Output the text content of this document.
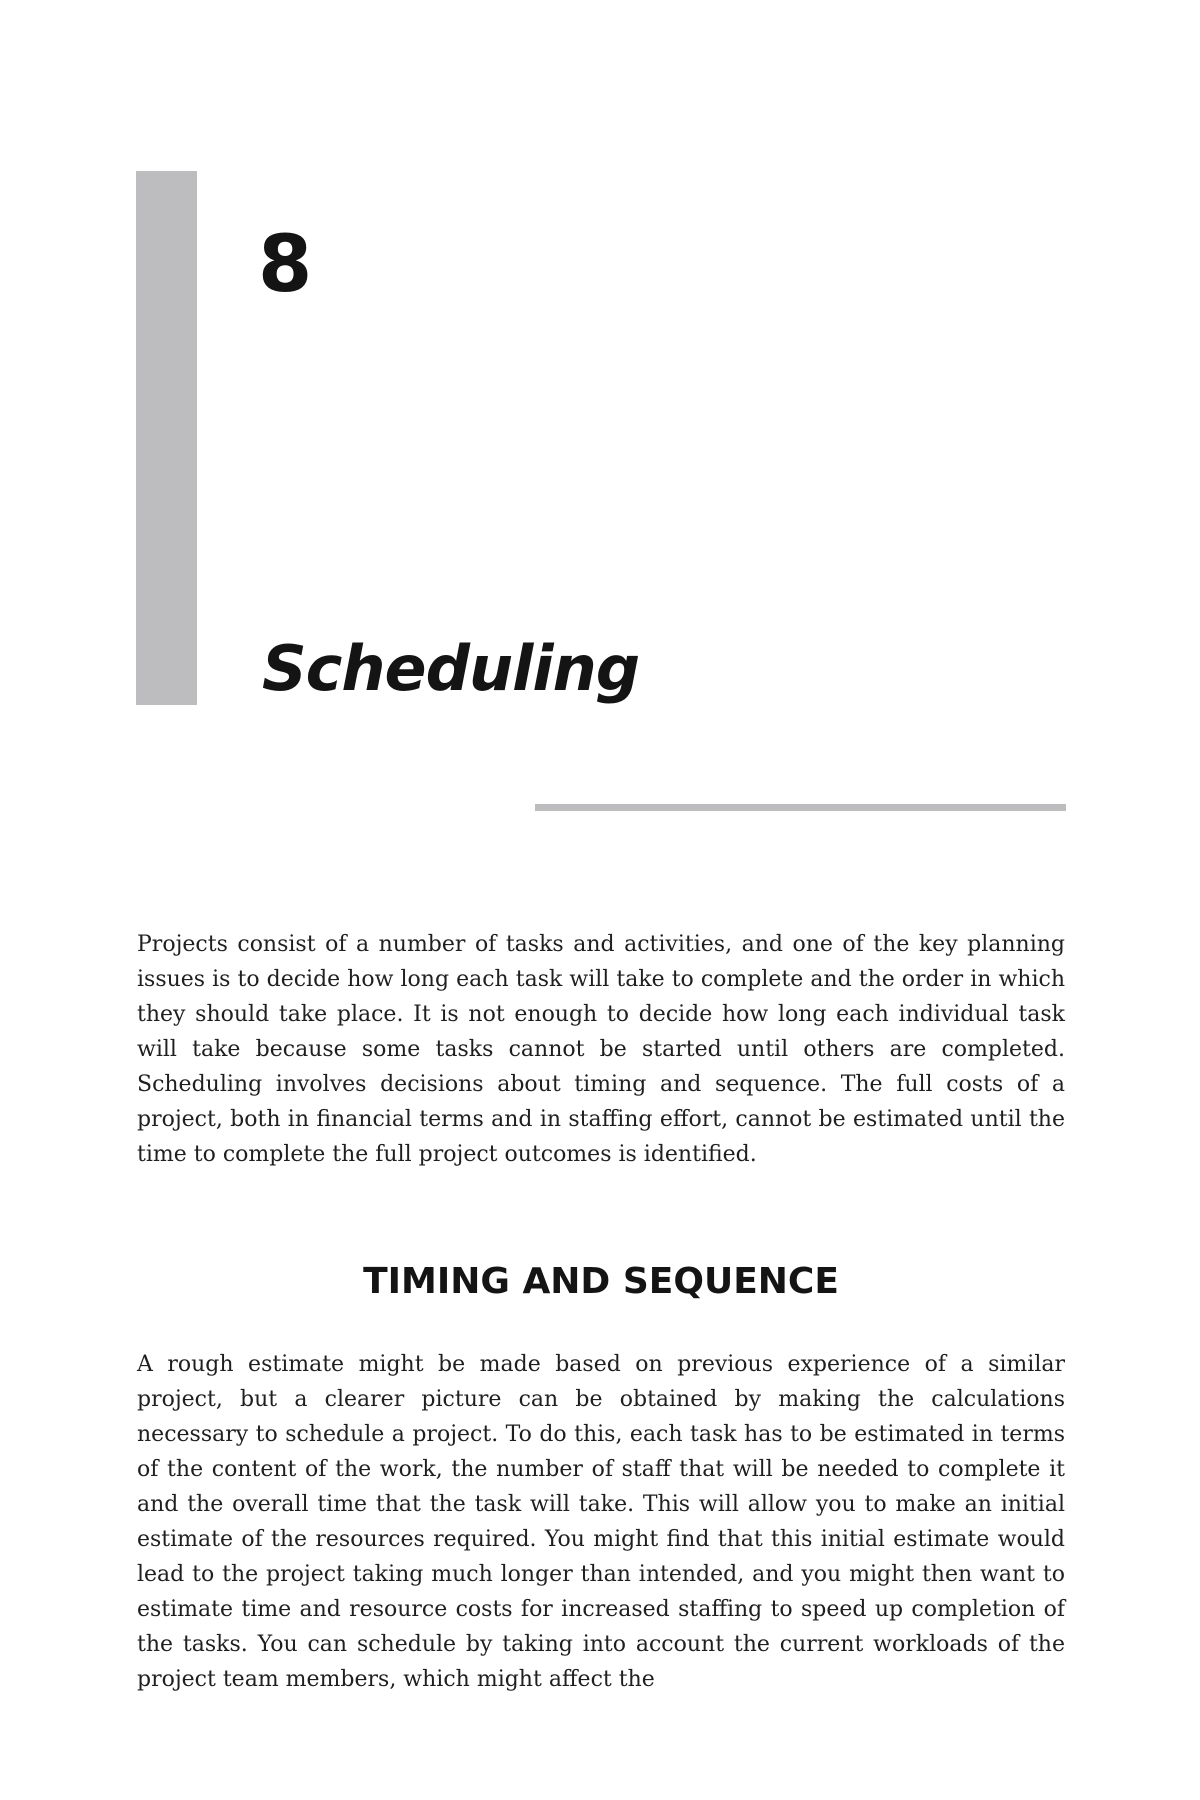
8
Scheduling

Projects consist of a number of tasks and activities, and one of the key planning issues is to decide how long each task will take to complete and the order in which they should take place. It is not enough to decide how long each individual task will take because some tasks cannot be started until others are completed. Scheduling involves decisions about timing and sequence. The full costs of a project, both in financial terms and in staffing effort, cannot be estimated until the time to complete the full project outcomes is identified.

TIMING AND SEQUENCE

A rough estimate might be made based on previous experience of a similar project, but a clearer picture can be obtained by making the calculations necessary to schedule a project. To do this, each task has to be estimated in terms of the content of the work, the number of staff that will be needed to complete it and the overall time that the task will take. This will allow you to make an initial estimate of the resources required. You might find that this initial estimate would lead to the project taking much longer than intended, and you might then want to estimate time and resource costs for increased staffing to speed up completion of the tasks. You can schedule by taking into account the current workloads of the project team members, which might affect the
